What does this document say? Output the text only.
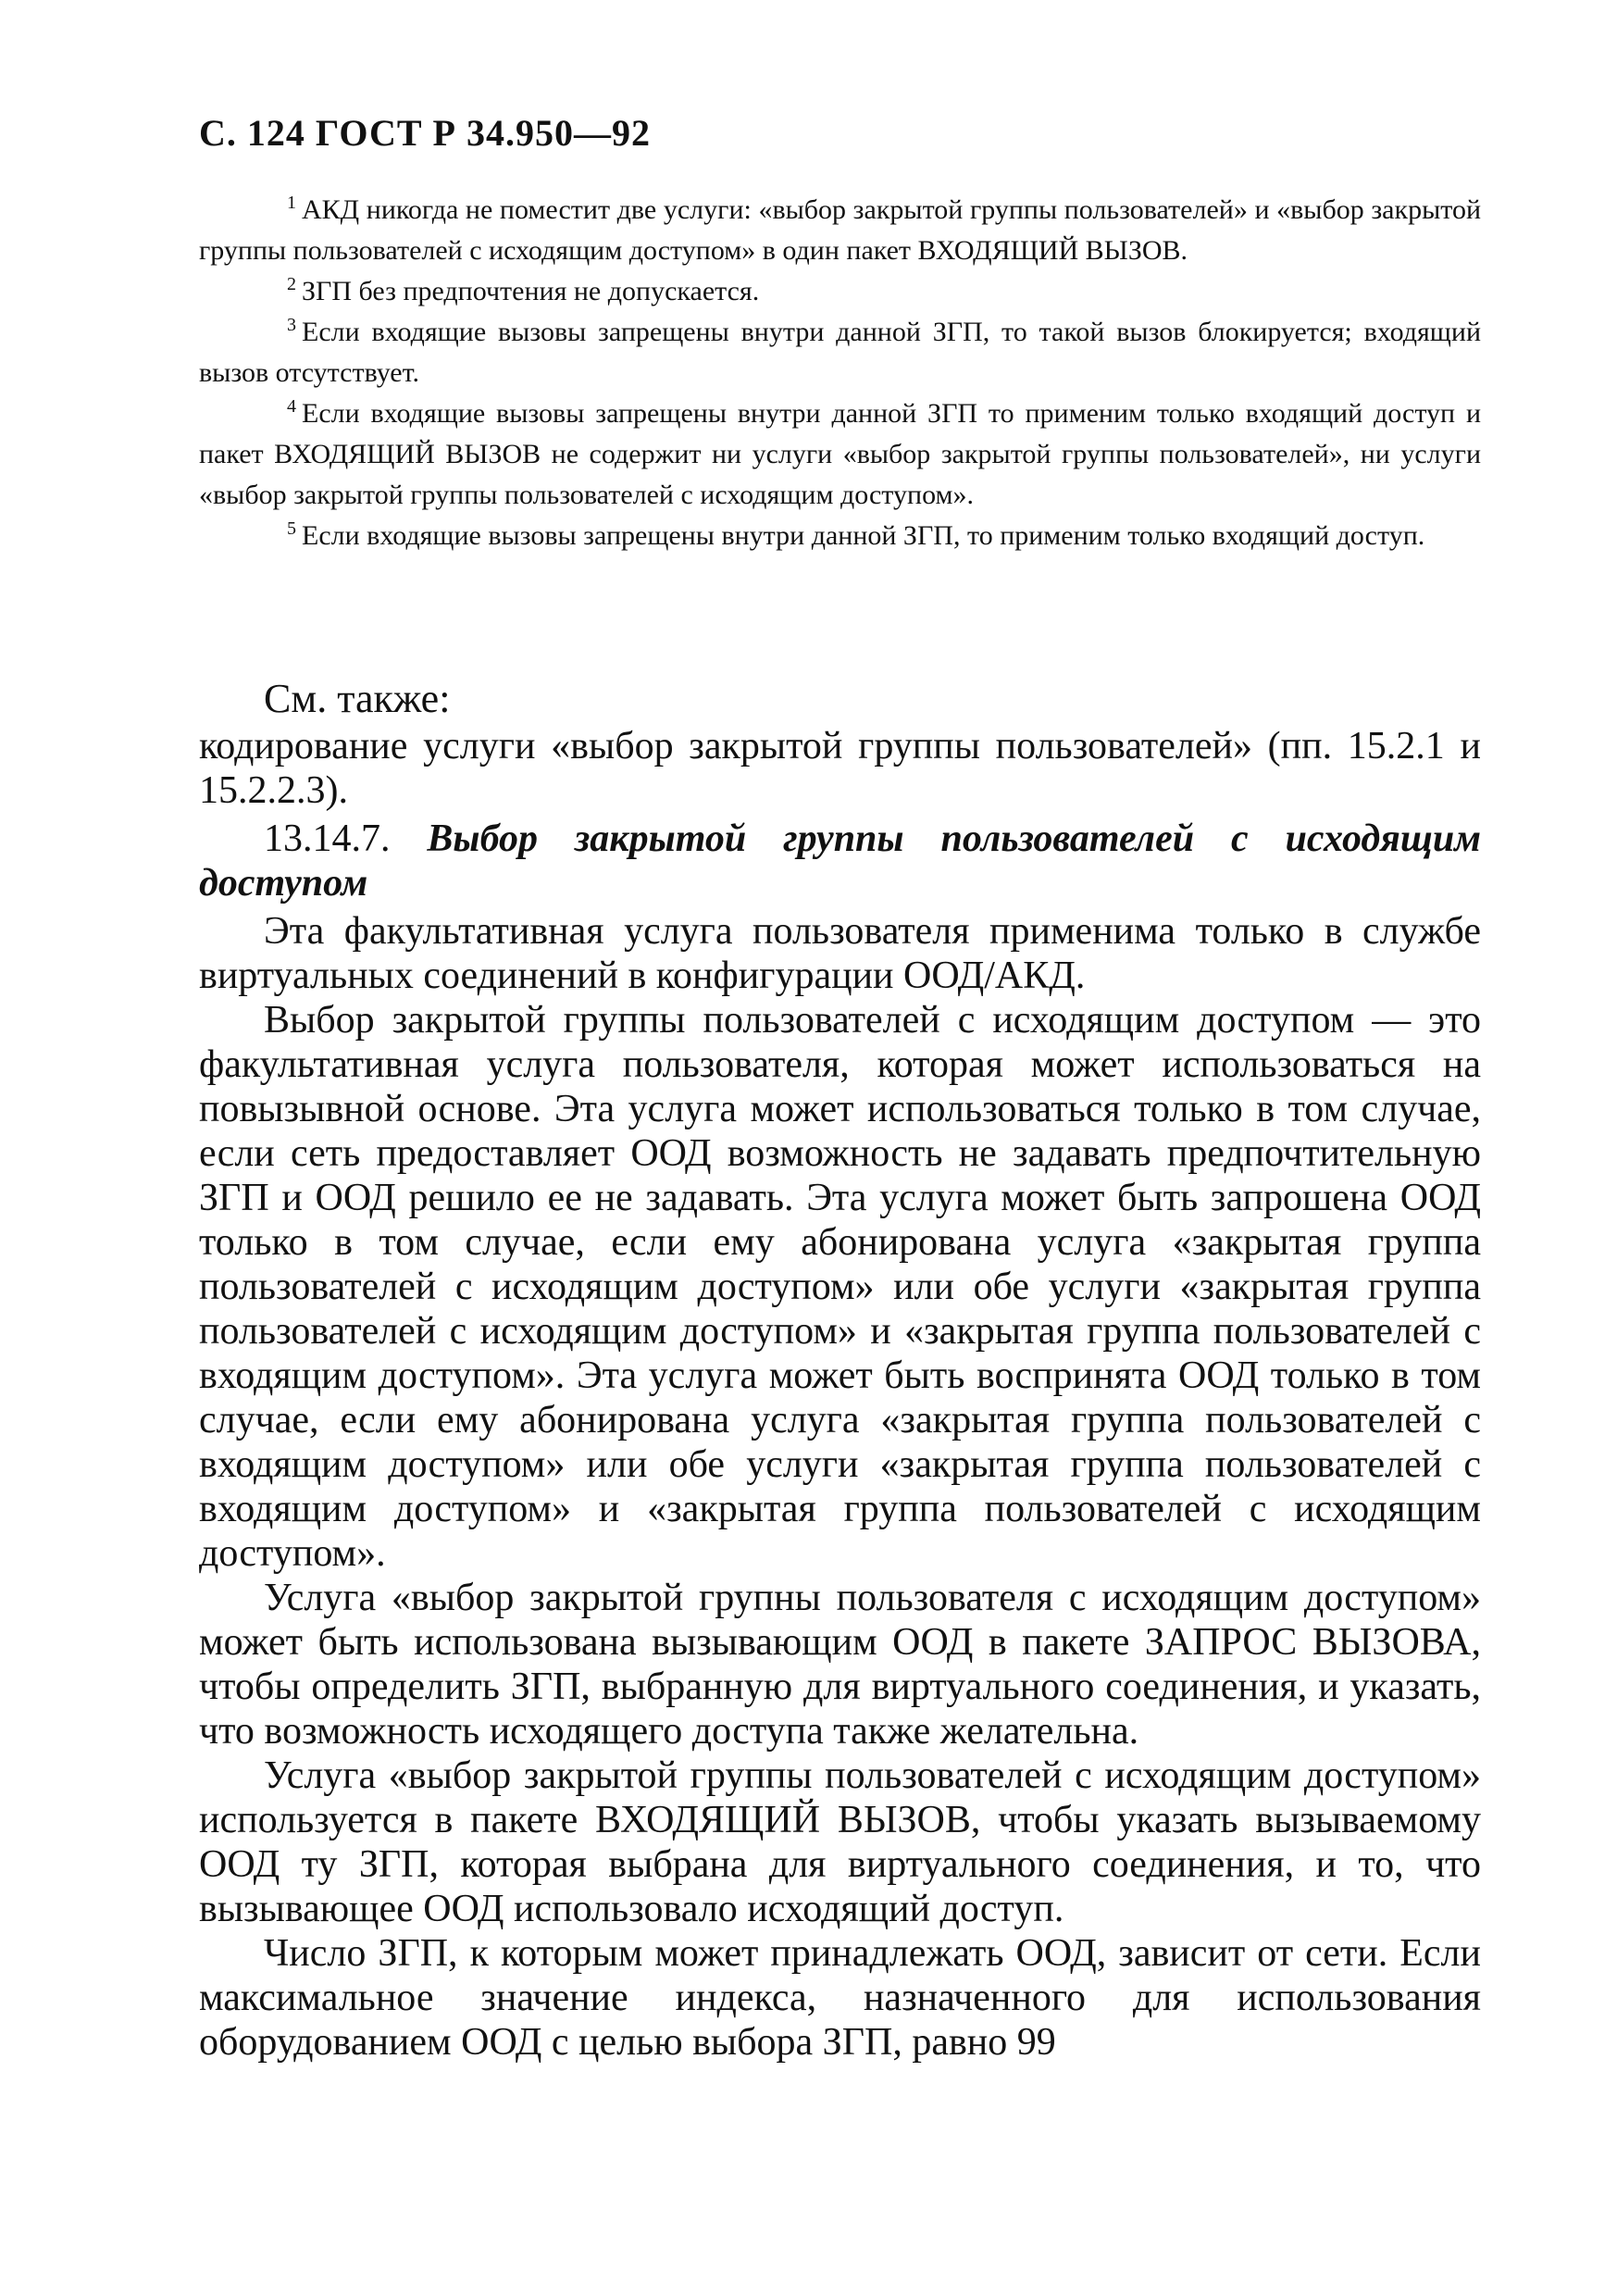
С. 124 ГОСТ Р 34.950—92

$^1$ АКД никогда не поместит две услуги: «выбор закрытой группы пользователей» и «выбор закрытой группы пользователей с исходящим доступом» в один пакет ВХОДЯЩИЙ ВЫЗОВ.

$^2$ ЗГП без предпочтения не допускается.

$^3$ Если входящие вызовы запрещены внутри данной ЗГП, то такой вызов блокируется; входящий вызов отсутствует.

$^4$ Если входящие вызовы запрещены внутри данной ЗГП то применим только входящий доступ и пакет ВХОДЯЩИЙ ВЫЗОВ не содержит ни услуги «выбор закрытой группы пользователей», ни услуги «выбор закрытой группы пользователей с исходящим доступом».

$^5$ Если входящие вызовы запрещены внутри данной ЗГП, то применим только входящий доступ.

См. также:

кодирование услуги «выбор закрытой группы пользователей» (пп. 15.2.1 и 15.2.2.3).

13.14.7. Выбор закрытой группы пользователей с исходящим доступом

Эта факультативная услуга пользователя применима только в службе виртуальных соединений в конфигурации ООД/АКД.

Выбор закрытой группы пользователей с исходящим доступом — это факультативная услуга пользователя, которая может использоваться на повызывной основе. Эта услуга может использоваться только в том случае, если сеть предоставляет ООД возможность не задавать предпочтительную ЗГП и ООД решило ее не задавать. Эта услуга может быть запрошена ООД только в том случае, если ему абонирована услуга «закрытая группа пользователей с исходящим доступом» или обе услуги «закрытая группа пользователей с исходящим доступом» и «закрытая группа пользователей с входящим доступом». Эта услуга может быть воспринята ООД только в том случае, если ему абонирована услуга «закрытая группа пользователей с входящим доступом» или обе услуги «закрытая группа пользователей с входящим доступом» и «закрытая группа пользователей с исходящим доступом».

Услуга «выбор закрытой групны пользователя с исходящим доступом» может быть использована вызывающим ООД в пакете ЗАПРОС ВЫЗОВА, чтобы определить ЗГП, выбранную для виртуального соединения, и указать, что возможность исходящего доступа также желательна.

Услуга «выбор закрытой группы пользователей с исходящим доступом» используется в пакете ВХОДЯЩИЙ ВЫЗОВ, чтобы указать вызываемому ООД ту ЗГП, которая выбрана для виртуального соединения, и то, что вызывающее ООД использовало исходящий доступ.

Число ЗГП, к которым может принадлежать ООД, зависит от сети. Если максимальное значение индекса, назначенного для использования оборудованием ООД с целью выбора ЗГП, равно 99
